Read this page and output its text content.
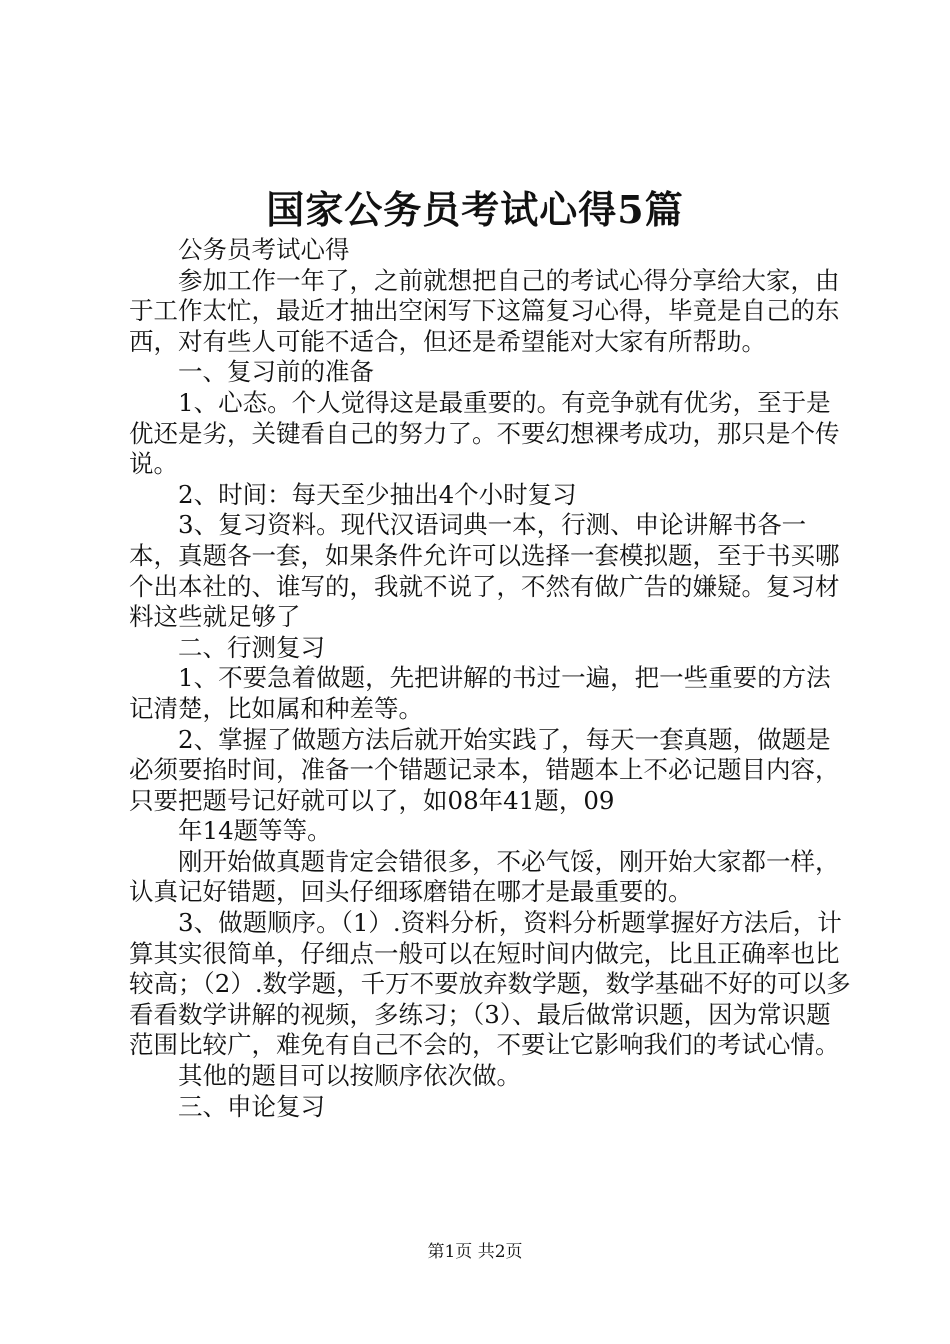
国家公务员考试心得5篇

公务员考试心得

参加工作一年了，之前就想把自己的考试心得分享给大家，由于工作太忙，最近才抽出空闲写下这篇复习心得，毕竟是自己的东西，对有些人可能不适合，但还是希望能对大家有所帮助。

一、复习前的准备

1、心态。个人觉得这是最重要的。有竞争就有优劣，至于是优还是劣，关键看自己的努力了。不要幻想裸考成功，那只是个传说。

2、时间：每天至少抽出4个小时复习

3、复习资料。现代汉语词典一本，行测、申论讲解书各一本，真题各一套，如果条件允许可以选择一套模拟题，至于书买哪个出本社的、谁写的，我就不说了，不然有做广告的嫌疑。复习材料这些就足够了

二、行测复习

1、不要急着做题，先把讲解的书过一遍，把一些重要的方法记清楚，比如属和种差等。

2、掌握了做题方法后就开始实践了，每天一套真题，做题是必须要掐时间，准备一个错题记录本，错题本上不必记题目内容，只要把题号记好就可以了，如08年41题，09

年14题等等。

刚开始做真题肯定会错很多，不必气馁，刚开始大家都一样，认真记好错题，回头仔细琢磨错在哪才是最重要的。

3、做题顺序。（1）.资料分析，资料分析题掌握好方法后，计算其实很简单，仔细点一般可以在短时间内做完，比且正确率也比较高；（2）.数学题，千万不要放弃数学题，数学基础不好的可以多看看数学讲解的视频，多练习；（3）、最后做常识题，因为常识题范围比较广，难免有自己不会的，不要让它影响我们的考试心情。

其他的题目可以按顺序依次做。

三、申论复习

第1页 共2页
